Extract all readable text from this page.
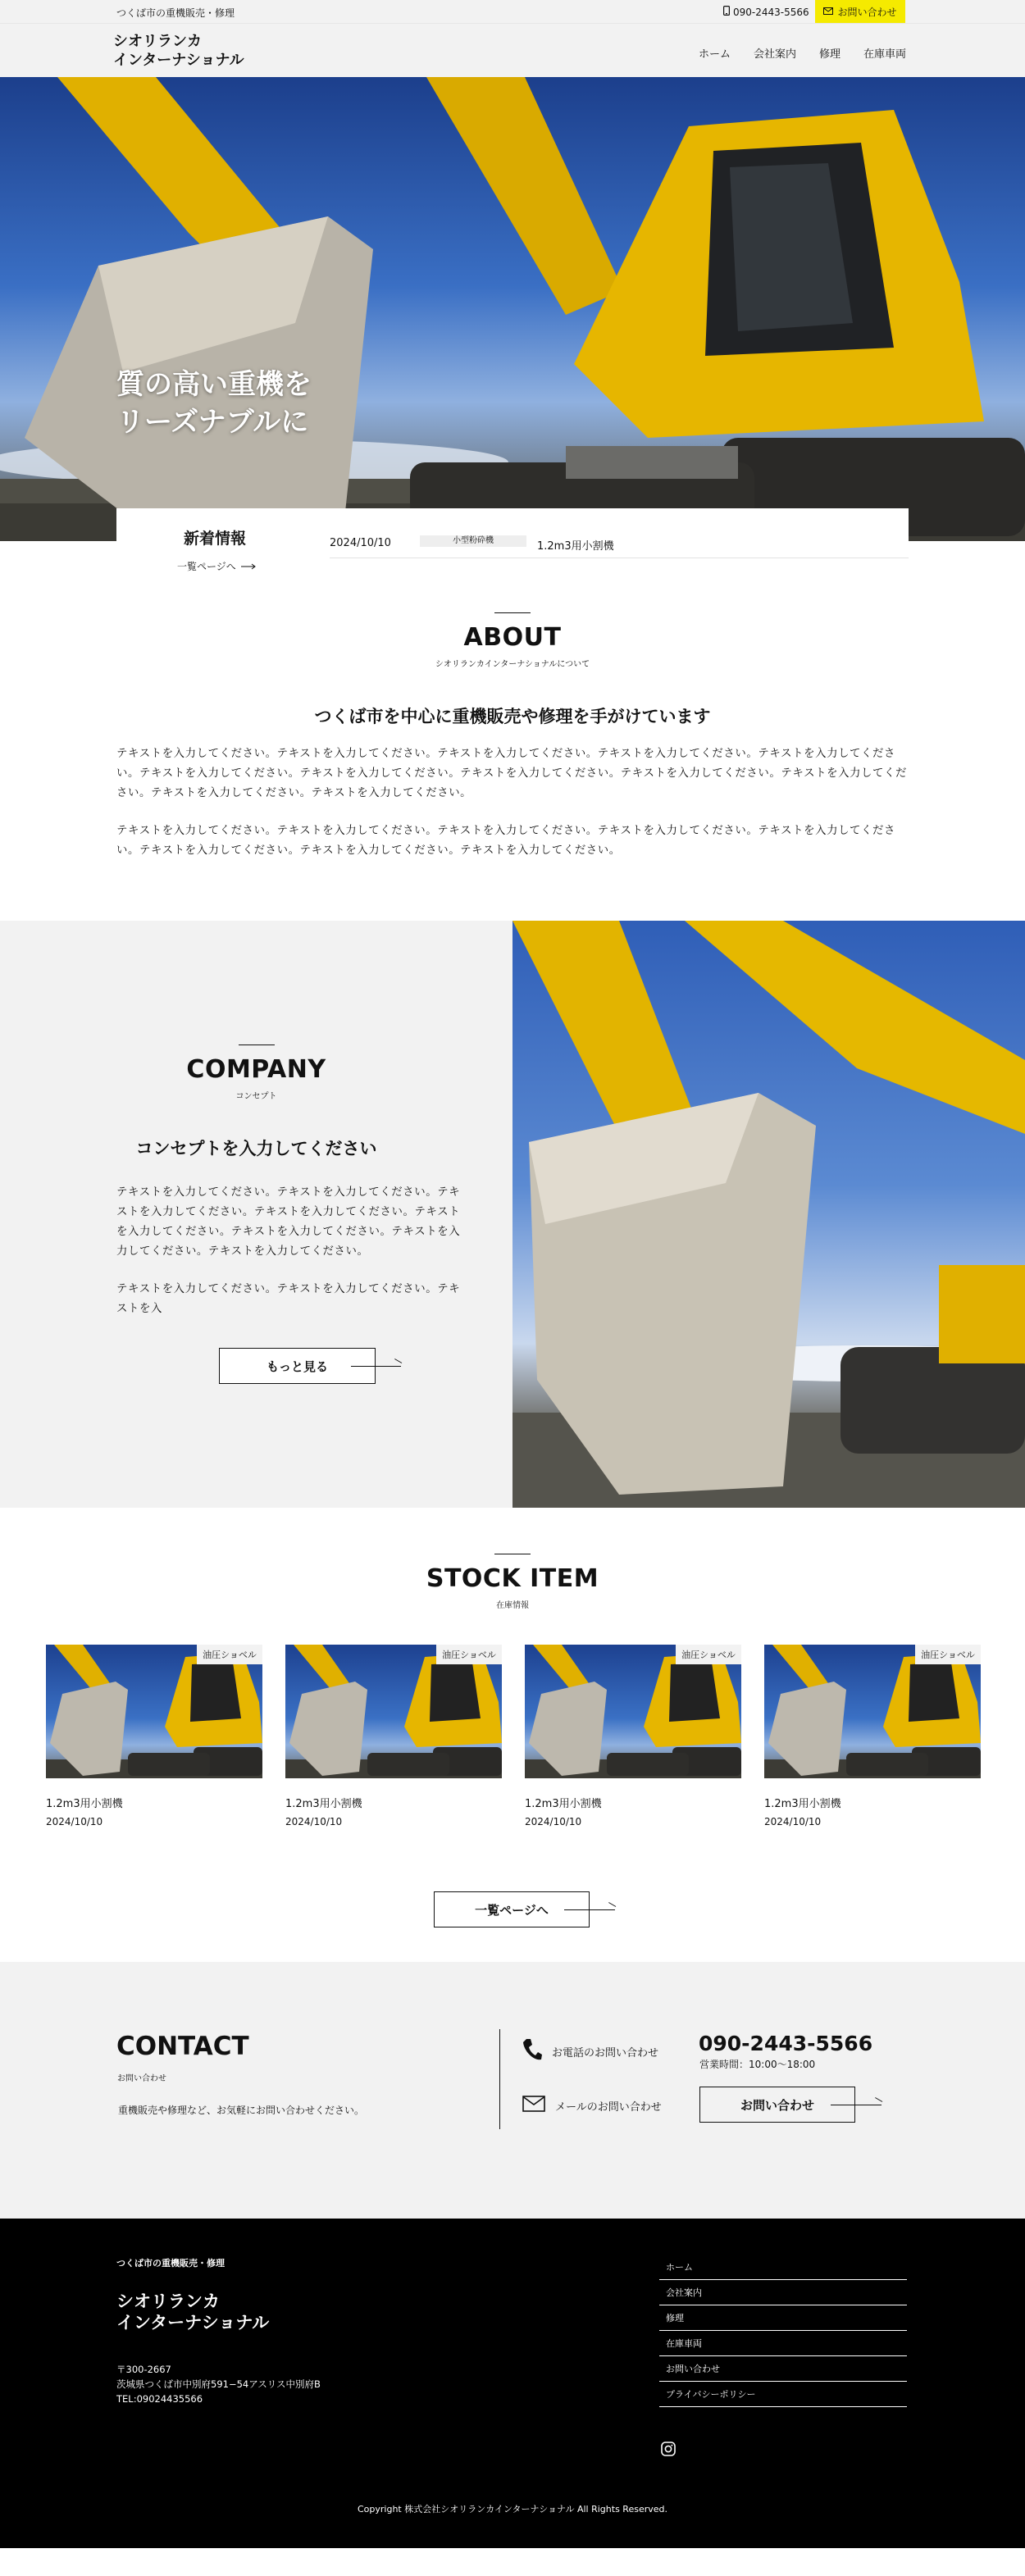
つくば市の重機販売・修理	090-2443-5566	お問い合わせ
シオリランカ
インターナショナル	ホーム 会社案内 修理 在庫車両
質の高い重機を
リーズナブルに
新着情報
一覧ページへ
2024/10/10	小型粉砕機	1.2m3用小割機
ABOUT
シオリランカインターナショナルについて
つくば市を中心に重機販売や修理を手がけています

テキストを入力してください。テキストを入力してください。テキストを入力してください。テキストを入力してください。テキストを入力してください。テキストを入力してください。テキストを入力してください。テキストを入力してください。テキストを入力してください。テキストを入力してください。テキストを入力してください。テキストを入力してください。

テキストを入力してください。テキストを入力してください。テキストを入力してください。テキストを入力してください。テキストを入力してください。テキストを入力してください。テキストを入力してください。テキストを入力してください。

COMPANY
コンセプト
コンセプトを入力してください

テキストを入力してください。テキストを入力してください。テキストを入力してください。テキストを入力してください。テキストを入力してください。テキストを入力してください。テキストを入力してください。テキストを入力してください。

テキストを入力してください。テキストを入力してください。テキストを入

もっと見る
STOCK ITEM
在庫情報
油圧ショベル
1.2m3用小割機
2024/10/10
油圧ショベル
1.2m3用小割機
2024/10/10
油圧ショベル
1.2m3用小割機
2024/10/10
油圧ショベル
1.2m3用小割機
2024/10/10
一覧ページへ
CONTACT
お問い合わせ
重機販売や修理など、お気軽にお問い合わせください。
お電話のお問い合わせ 090-2443-5566
営業時間：10:00〜18:00
メールのお問い合わせ	お問い合わせ
つくば市の重機販売・修理
シオリランカ
インターナショナル
〒300-2667
茨城県つくば市中別府591−54アスリス中別府B
TEL:09024435566
ホーム
会社案内
修理
在庫車両
お問い合わせ
プライバシーポリシー
Copyright 株式会社シオリランカインターナショナル All Rights Reserved.
